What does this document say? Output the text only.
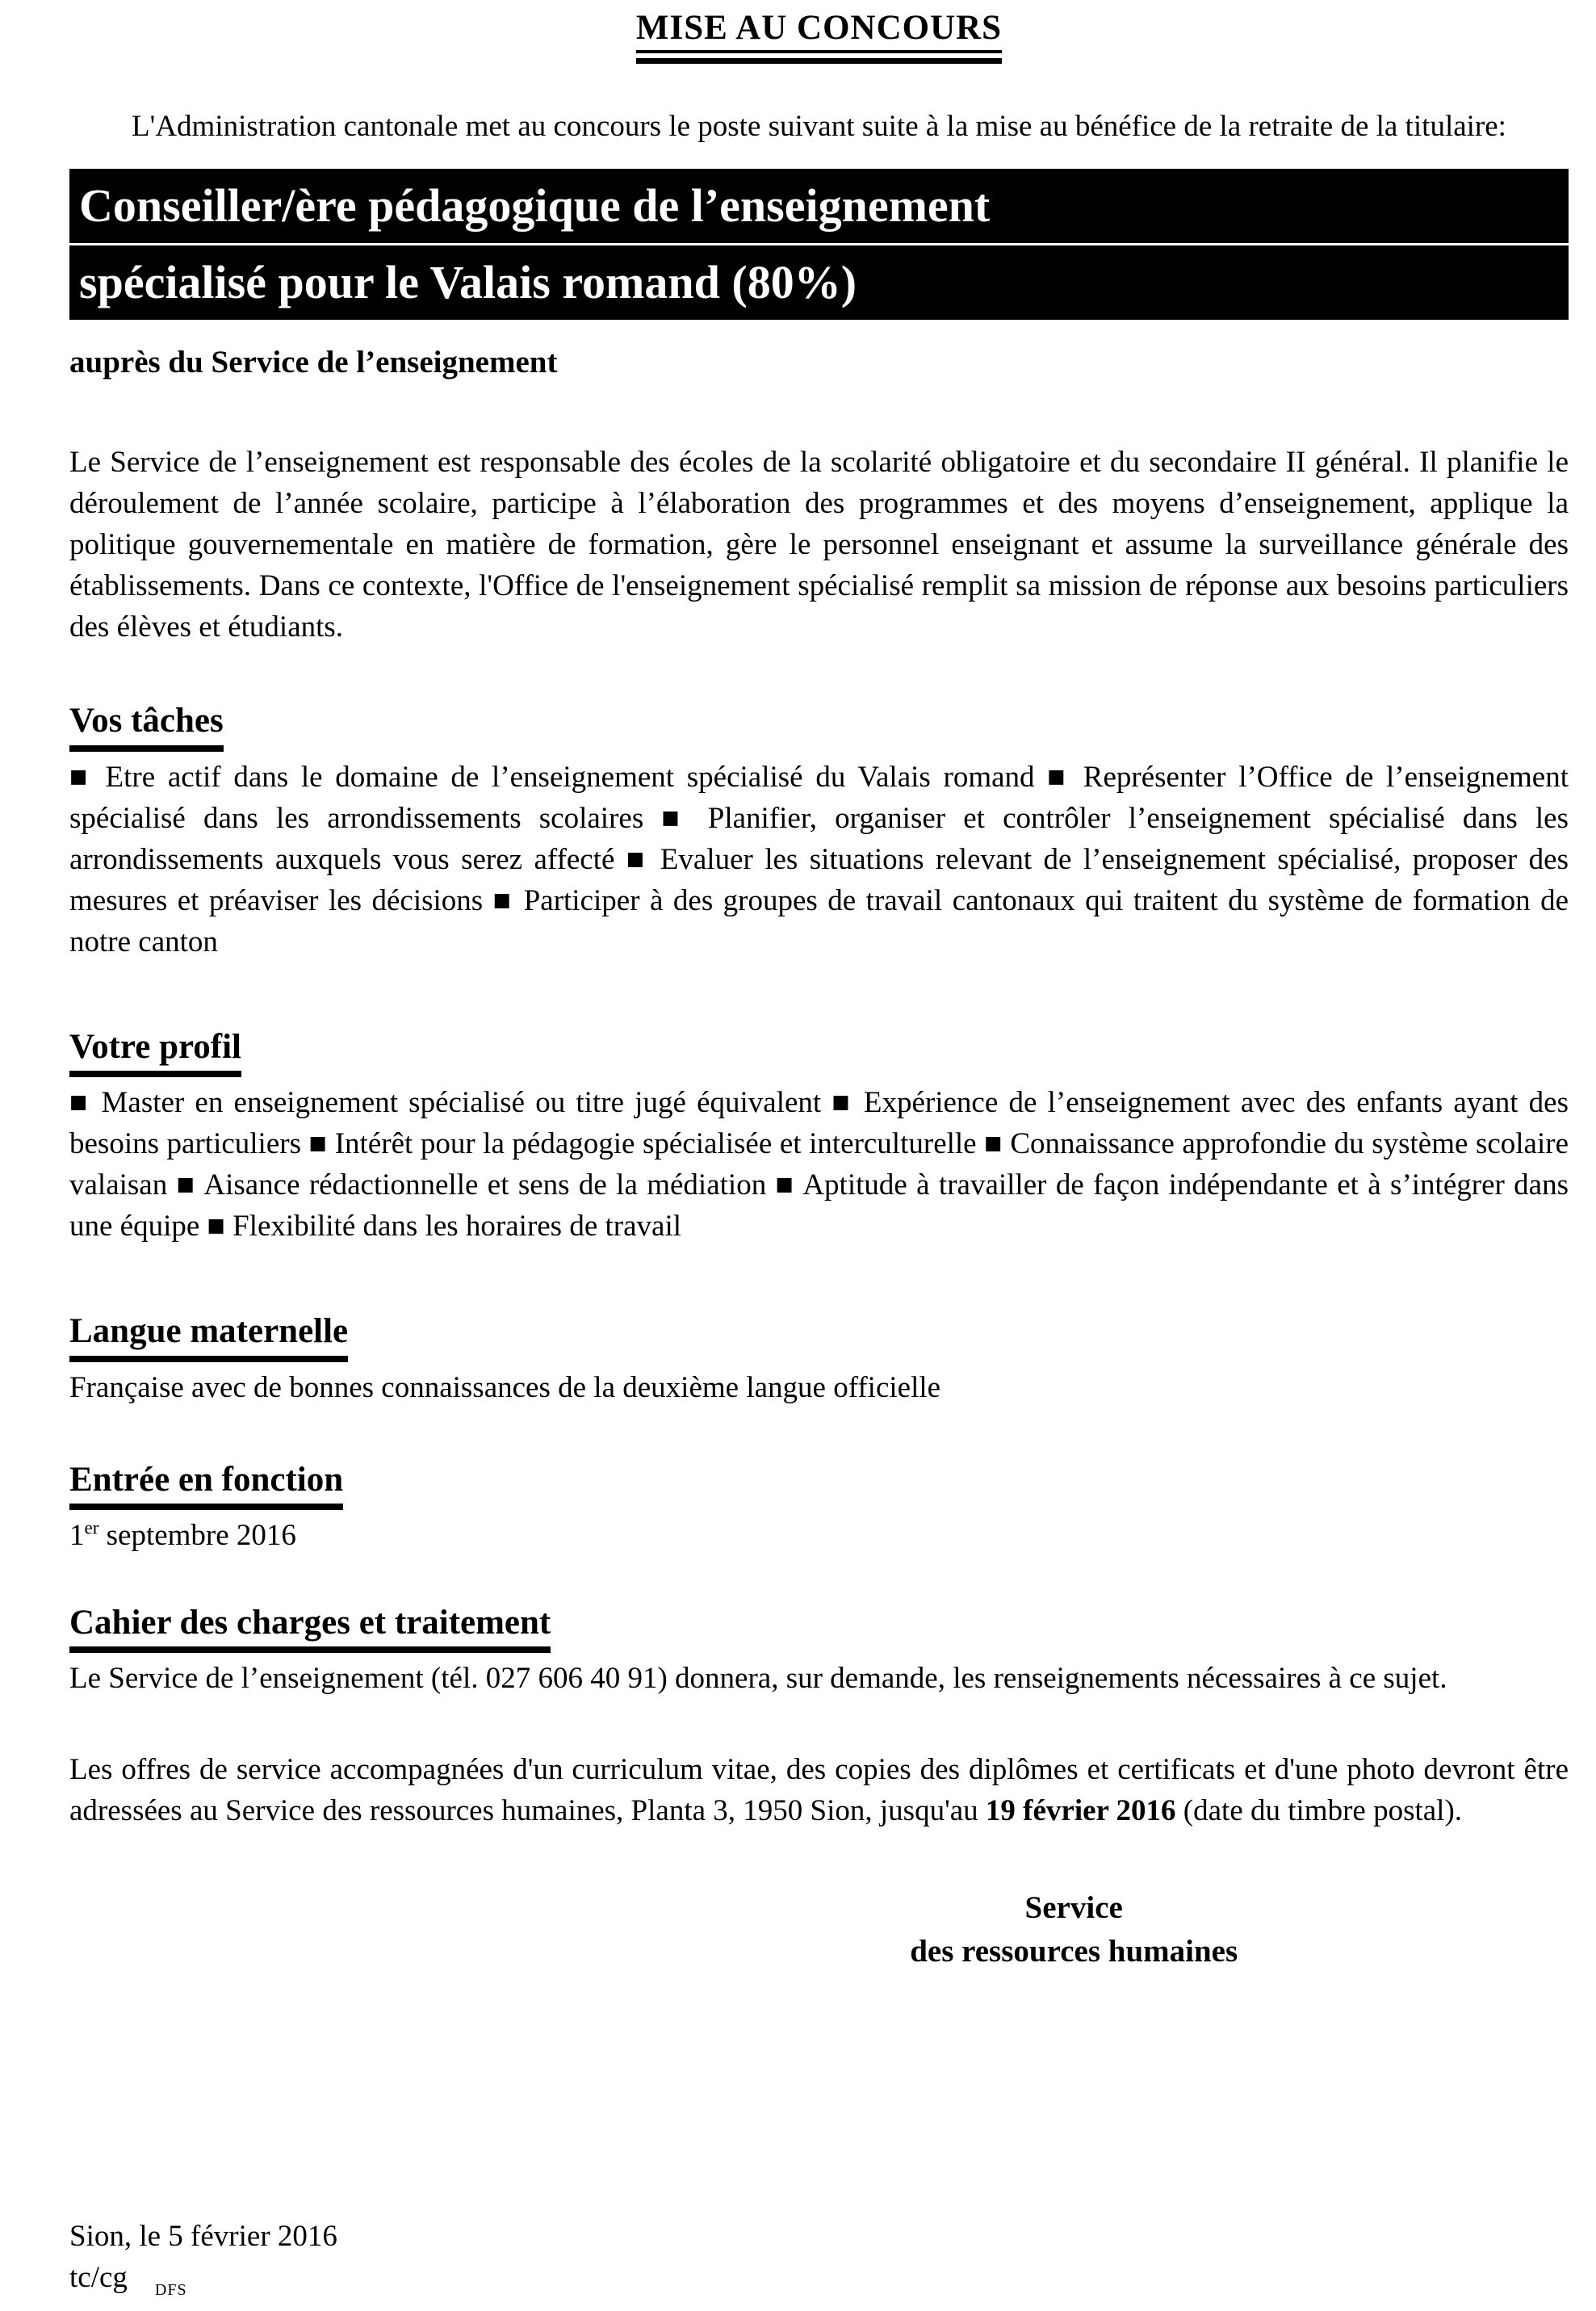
MISE AU CONCOURS

L'Administration cantonale met au concours le poste suivant suite à la mise au bénéfice de la retraite de la titulaire:

Conseiller/ère pédagogique de l’enseignement
spécialisé pour le Valais romand (80%)

auprès du Service de l’enseignement

Le Service de l’enseignement est responsable des écoles de la scolarité obligatoire et du secondaire II général. Il planifie le déroulement de l’année scolaire, participe à l’élaboration des programmes et des moyens d’enseignement, applique la politique gouvernementale en matière de formation, gère le personnel enseignant et assume la surveillance générale des établissements. Dans ce contexte, l'Office de l'enseignement spécialisé remplit sa mission de réponse aux besoins particuliers des élèves et étudiants.

Vos tâches

■ Etre actif dans le domaine de l’enseignement spécialisé du Valais romand ■ Représenter l’Office de l’enseignement spécialisé dans les arrondissements scolaires ■ Planifier, organiser et contrôler l’enseignement spécialisé dans les arrondissements auxquels vous serez affecté ■ Evaluer les situations relevant de l’enseignement spécialisé, proposer des mesures et préaviser les décisions ■ Participer à des groupes de travail cantonaux qui traitent du système de formation de notre canton

Votre profil

■ Master en enseignement spécialisé ou titre jugé équivalent ■ Expérience de l’enseignement avec des enfants ayant des besoins particuliers ■ Intérêt pour la pédagogie spécialisée et interculturelle ■ Connaissance approfondie du système scolaire valaisan ■ Aisance rédactionnelle et sens de la médiation ■ Aptitude à travailler de façon indépendante et à s’intégrer dans une équipe ■ Flexibilité dans les horaires de travail

Langue maternelle

Française avec de bonnes connaissances de la deuxième langue officielle

Entrée en fonction

1er septembre 2016

Cahier des charges et traitement

Le Service de l’enseignement (tél. 027 606 40 91) donnera, sur demande, les renseignements nécessaires à ce sujet.

Les offres de service accompagnées d'un curriculum vitae, des copies des diplômes et certificats et d'une photo devront être adressées au Service des ressources humaines, Planta 3, 1950 Sion, jusqu'au 19 février 2016 (date du timbre postal).

Service
des ressources humaines
Sion, le 5 février 2016
tc/cg $_{DFS}$
